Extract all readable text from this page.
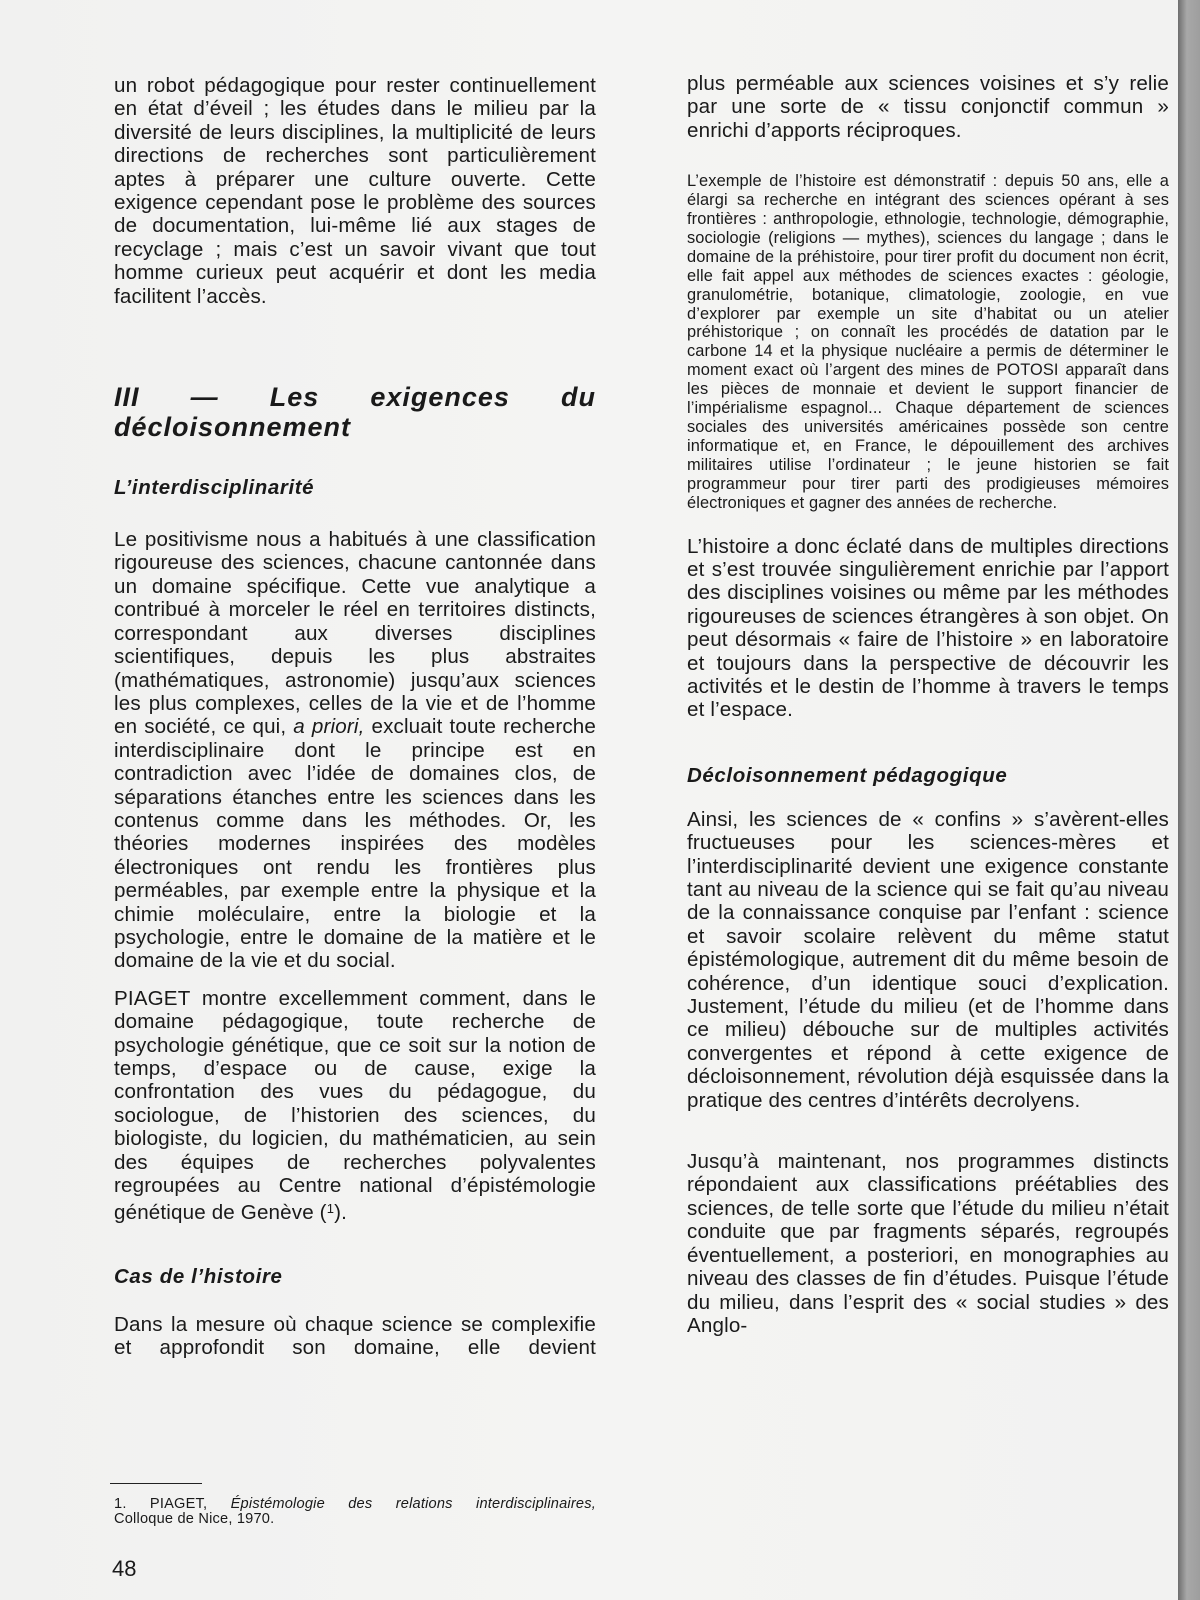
un robot pédagogique pour rester continuellement en état d’éveil ; les études dans le milieu par la diversité de leurs disciplines, la multiplicité de leurs directions de recherches sont particulièrement aptes à préparer une culture ouverte. Cette exigence cependant pose le problème des sources de documentation, lui-même lié aux stages de recyclage ; mais c’est un savoir vivant que tout homme curieux peut acquérir et dont les media facilitent l’accès.

III — Les exigences du décloisonnement
L’interdisciplinarité

Le positivisme nous a habitués à une classification rigoureuse des sciences, chacune cantonnée dans un domaine spécifique. Cette vue analytique a contribué à morceler le réel en territoires distincts, correspondant aux diverses disciplines scientifiques, depuis les plus abstraites (mathématiques, astronomie) jusqu’aux sciences les plus complexes, celles de la vie et de l’homme en société, ce qui, a priori, excluait toute recherche interdisciplinaire dont le principe est en contradiction avec l’idée de domaines clos, de séparations étanches entre les sciences dans les contenus comme dans les méthodes. Or, les théories modernes inspirées des modèles électroniques ont rendu les frontières plus perméables, par exemple entre la physique et la chimie moléculaire, entre la biologie et la psychologie, entre le domaine de la matière et le domaine de la vie et du social.

PIAGET montre excellemment comment, dans le domaine pédagogique, toute recherche de psychologie génétique, que ce soit sur la notion de temps, d’espace ou de cause, exige la confrontation des vues du pédagogue, du sociologue, de l’historien des sciences, du biologiste, du logicien, du mathématicien, au sein des équipes de recherches polyvalentes regroupées au Centre national d’épistémologie génétique de Genève ($^1$).

Cas de l’histoire

Dans la mesure où chaque science se complexifie et approfondit son domaine, elle devient

1. PIAGET, Épistémologie des relations interdisciplinaires,

Colloque de Nice, 1970.

48

plus perméable aux sciences voisines et s’y relie par une sorte de « tissu conjonctif commun » enrichi d’apports réciproques.

L’exemple de l’histoire est démonstratif : depuis 50 ans, elle a élargi sa recherche en intégrant des sciences opérant à ses frontières : anthropologie, ethnologie, technologie, démographie, sociologie (religions — mythes), sciences du langage ; dans le domaine de la préhistoire, pour tirer profit du document non écrit, elle fait appel aux méthodes de sciences exactes : géologie, granulométrie, botanique, climatologie, zoologie, en vue d’explorer par exemple un site d’habitat ou un atelier préhistorique ; on connaît les procédés de datation par le carbone 14 et la physique nucléaire a permis de déterminer le moment exact où l’argent des mines de POTOSI apparaît dans les pièces de monnaie et devient le support financier de l’impérialisme espagnol... Chaque département de sciences sociales des universités américaines possède son centre informatique et, en France, le dépouillement des archives militaires utilise l’ordinateur ; le jeune historien se fait programmeur pour tirer parti des prodigieuses mémoires électroniques et gagner des années de recherche.

L’histoire a donc éclaté dans de multiples directions et s’est trouvée singulièrement enrichie par l’apport des disciplines voisines ou même par les méthodes rigoureuses de sciences étrangères à son objet. On peut désormais « faire de l’histoire » en laboratoire et toujours dans la perspective de découvrir les activités et le destin de l’homme à travers le temps et l’espace.

Décloisonnement pédagogique

Ainsi, les sciences de « confins » s’avèrent-elles fructueuses pour les sciences-mères et l’interdisciplinarité devient une exigence constante tant au niveau de la science qui se fait qu’au niveau de la connaissance conquise par l’enfant : science et savoir scolaire relèvent du même statut épistémologique, autrement dit du même besoin de cohérence, d’un identique souci d’explication. Justement, l’étude du milieu (et de l’homme dans ce milieu) débouche sur de multiples activités convergentes et répond à cette exigence de décloisonnement, révolution déjà esquissée dans la pratique des centres d’intérêts decrolyens.

Jusqu’à maintenant, nos programmes distincts répondaient aux classifications préétablies des sciences, de telle sorte que l’étude du milieu n’était conduite que par fragments séparés, regroupés éventuellement, a posteriori, en monographies au niveau des classes de fin d’études. Puisque l’étude du milieu, dans l’esprit des « social studies » des Anglo-
